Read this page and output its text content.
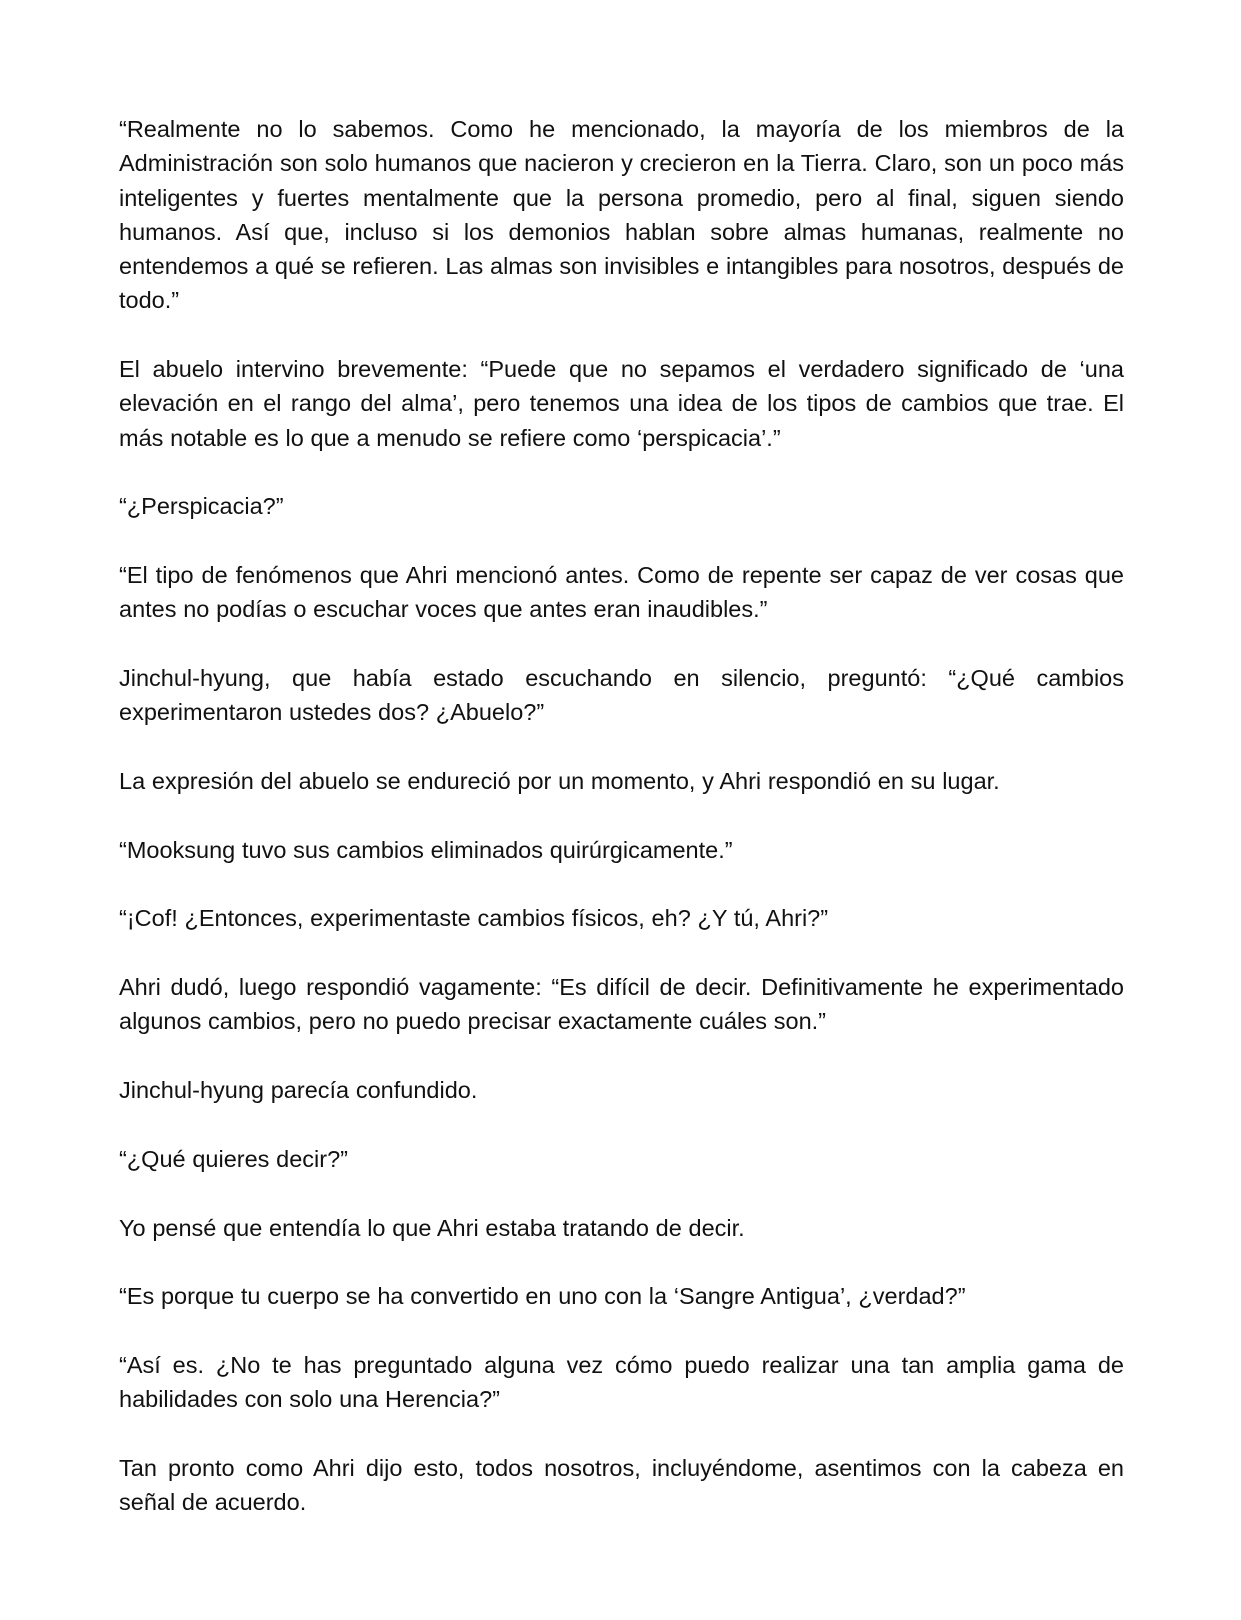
“Realmente no lo sabemos. Como he mencionado, la mayoría de los miembros de la Administración son solo humanos que nacieron y crecieron en la Tierra. Claro, son un poco más inteligentes y fuertes mentalmente que la persona promedio, pero al final, siguen siendo humanos. Así que, incluso si los demonios hablan sobre almas humanas, realmente no entendemos a qué se refieren. Las almas son invisibles e intangibles para nosotros, después de todo.”

El abuelo intervino brevemente: “Puede que no sepamos el verdadero significado de ‘una elevación en el rango del alma’, pero tenemos una idea de los tipos de cambios que trae. El más notable es lo que a menudo se refiere como ‘perspicacia’.”

“¿Perspicacia?”

“El tipo de fenómenos que Ahri mencionó antes. Como de repente ser capaz de ver cosas que antes no podías o escuchar voces que antes eran inaudibles.”

Jinchul-hyung, que había estado escuchando en silencio, preguntó: “¿Qué cambios experimentaron ustedes dos? ¿Abuelo?”

La expresión del abuelo se endureció por un momento, y Ahri respondió en su lugar.

“Mooksung tuvo sus cambios eliminados quirúrgicamente.”

“¡Cof! ¿Entonces, experimentaste cambios físicos, eh? ¿Y tú, Ahri?”

Ahri dudó, luego respondió vagamente: “Es difícil de decir. Definitivamente he experimentado algunos cambios, pero no puedo precisar exactamente cuáles son.”

Jinchul-hyung parecía confundido.

“¿Qué quieres decir?”

Yo pensé que entendía lo que Ahri estaba tratando de decir.

“Es porque tu cuerpo se ha convertido en uno con la ‘Sangre Antigua’, ¿verdad?”

“Así es. ¿No te has preguntado alguna vez cómo puedo realizar una tan amplia gama de habilidades con solo una Herencia?”

Tan pronto como Ahri dijo esto, todos nosotros, incluyéndome, asentimos con la cabeza en señal de acuerdo.
